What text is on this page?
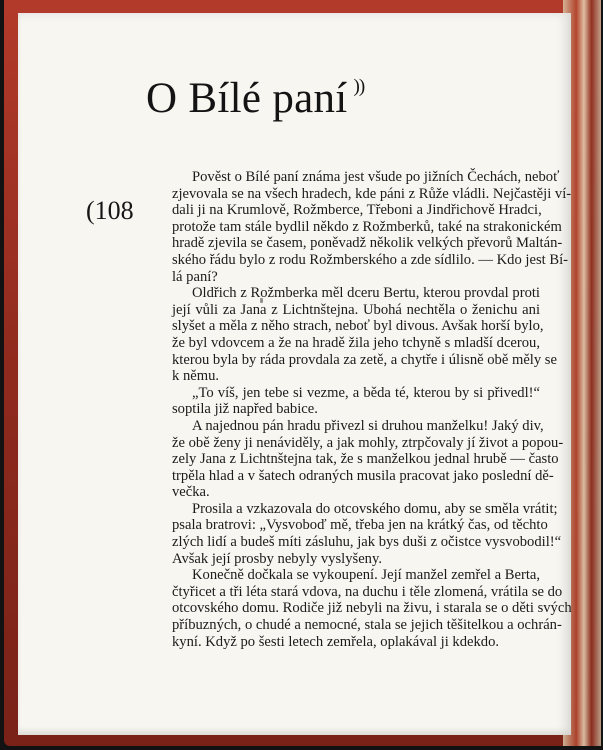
O Bílé paní ))
(108
Pověst o Bílé paní známa jest všude po jižních Čechách, neboť
zjevovala se na všech hradech, kde páni z Růže vládli. Nejčastěji ví-
dali ji na Krumlově, Rožmberce, Třeboni a Jindřichově Hradci,
protože tam stále bydlil někdo z Rožmberků, také na strakonickém
hradě zjevila se časem, poněvadž několik velkých převorů Maltán-
ského řádu bylo z rodu Rožmberského a zde sídlilo. — Kdo jest Bí-
lá paní?
Oldřich z Rožmberka měl dceru Bertu, kterou provdal proti
její vůli za Jana z Lichtnštejna. Ubohá nechtěla o ženichu ani
slyšet a měla z něho strach, neboť byl divous. Avšak horší bylo,
že byl vdovcem a že na hradě žila jeho tchyně s mladší dcerou,
kterou byla by ráda provdala za zetě, a chytře i úlisně obě měly se
k němu.
„To víš, jen tebe si vezme, a běda té, kterou by si přivedl!“
soptila již napřed babice.
A najednou pán hradu přivezl si druhou manželku! Jaký div,
že obě ženy ji nenáviděly, a jak mohly, ztrpčovaly jí život a popou-
zely Jana z Lichtnštejna tak, že s manželkou jednal hrubě — často
trpěla hlad a v šatech odraných musila pracovat jako poslední dě-
večka.
Prosila a vzkazovala do otcovského domu, aby se směla vrátit;
psala bratrovi: „Vysvoboď mě, třeba jen na krátký čas, od těchto
zlých lidí a budeš míti zásluhu, jak bys duši z očistce vysvobodil!“
Avšak její prosby nebyly vyslyšeny.
Konečně dočkala se vykoupení. Její manžel zemřel a Berta,
čtyřicet a tři léta stará vdova, na duchu i těle zlomená, vrátila se do
otcovského domu. Rodiče již nebyli na živu, i starala se o děti svých
příbuzných, o chudé a nemocné, stala se jejich těšitelkou a ochrán-
kyní. Když po šesti letech zemřela, oplakával ji kdekdo.
